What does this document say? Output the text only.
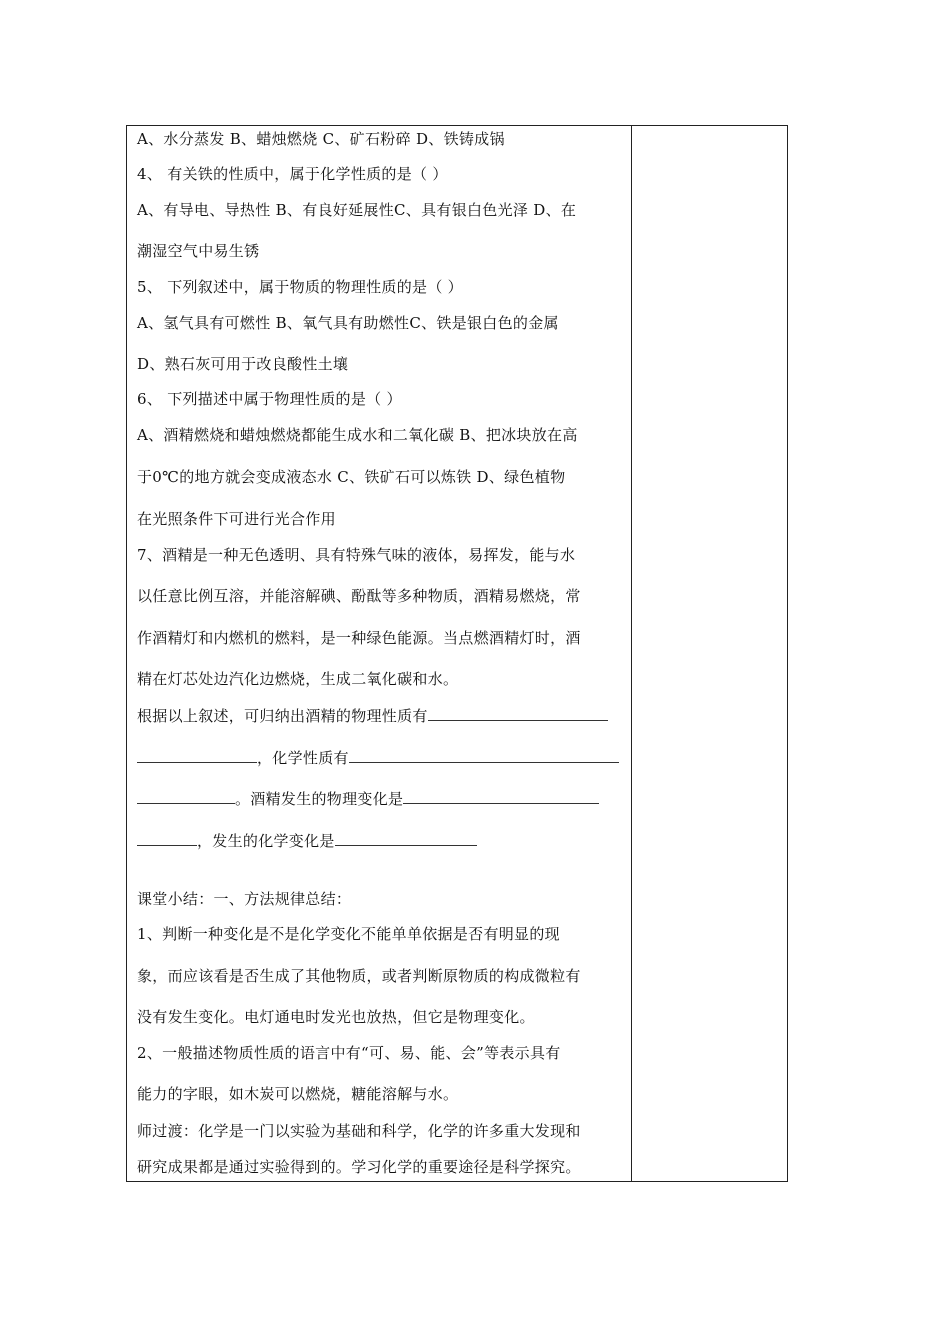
A、水分蒸发 B、蜡烛燃烧 C、矿石粉碎 D、铁铸成锅
4、 有关铁的性质中，属于化学性质的是（ ）
A、有导电、导热性 B、有良好延展性C、具有银白色光泽 D、在
潮湿空气中易生锈
5、 下列叙述中，属于物质的物理性质的是（ ）
A、氢气具有可燃性 B、氧气具有助燃性C、铁是银白色的金属
D、熟石灰可用于改良酸性土壤
6、 下列描述中属于物理性质的是（ ）
A、酒精燃烧和蜡烛燃烧都能生成水和二氧化碳 B、把冰块放在高
于0℃的地方就会变成液态水 C、铁矿石可以炼铁 D、绿色植物
在光照条件下可进行光合作用
7、酒精是一种无色透明、具有特殊气味的液体，易挥发，能与水
以任意比例互溶，并能溶解碘、酚酞等多种物质，酒精易燃烧，常
作酒精灯和内燃机的燃料，是一种绿色能源。当点燃酒精灯时，酒
精在灯芯处边汽化边燃烧，生成二氧化碳和水。
根据以上叙述，可归纳出酒精的物理性质有
，化学性质有
。酒精发生的物理变化是
，发生的化学变化是
课堂小结：一、方法规律总结：
1、判断一种变化是不是化学变化不能单单依据是否有明显的现
象，而应该看是否生成了其他物质，或者判断原物质的构成微粒有
没有发生变化。电灯通电时发光也放热，但它是物理变化。
2、一般描述物质性质的语言中有“可、易、能、会”等表示具有
能力的字眼，如木炭可以燃烧，糖能溶解与水。
师过渡：化学是一门以实验为基础和科学，化学的许多重大发现和
研究成果都是通过实验得到的。学习化学的重要途径是科学探究。
